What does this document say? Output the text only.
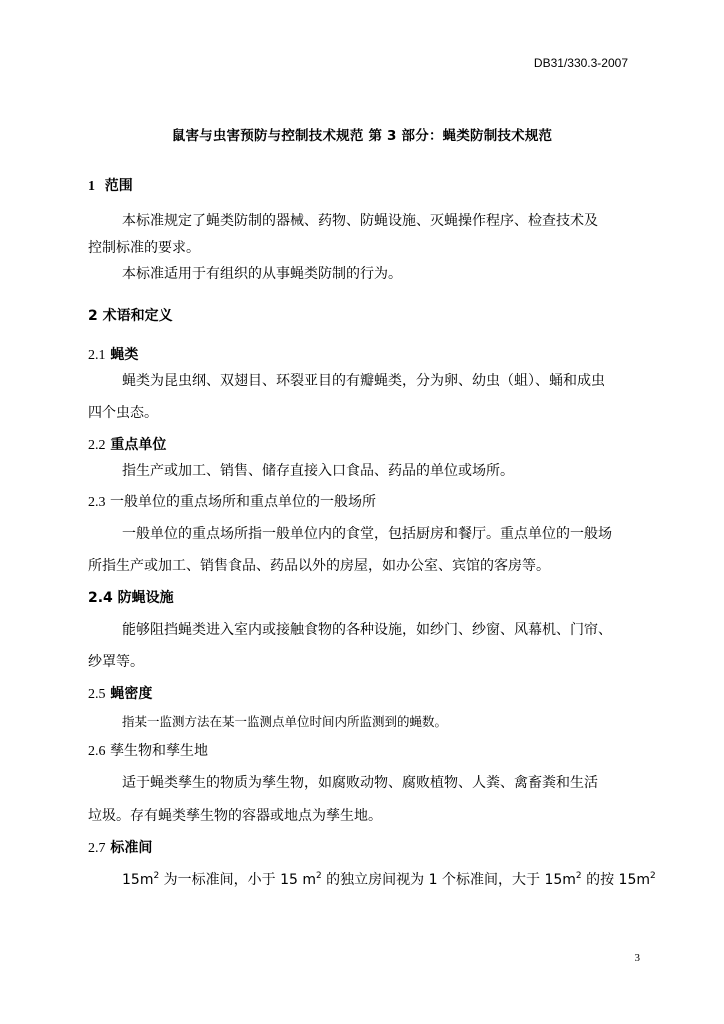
DB31/330.3-2007
鼠害与虫害预防与控制技术规范 第 3 部分：蝇类防制技术规范
1 范围
本标准规定了蝇类防制的器械、药物、防蝇设施、灭蝇操作程序、检查技术及
控制标准的要求。
本标准适用于有组织的从事蝇类防制的行为。
2 术语和定义
2.1 蝇类
蝇类为昆虫纲、双翅目、环裂亚目的有瓣蝇类，分为卵、幼虫（蛆）、蛹和成虫
四个虫态。
2.2 重点单位
指生产或加工、销售、储存直接入口食品、药品的单位或场所。
2.3 一般单位的重点场所和重点单位的一般场所
一般单位的重点场所指一般单位内的食堂，包括厨房和餐厅。重点单位的一般场
所指生产或加工、销售食品、药品以外的房屋，如办公室、宾馆的客房等。
2.4 防蝇设施
能够阻挡蝇类进入室内或接触食物的各种设施，如纱门、纱窗、风幕机、门帘、
纱罩等。
2.5 蝇密度
指某一监测方法在某一监测点单位时间内所监测到的蝇数。
2.6 孳生物和孳生地
适于蝇类孳生的物质为孳生物，如腐败动物、腐败植物、人粪、禽畜粪和生活
垃圾。存有蝇类孳生物的容器或地点为孳生地。
2.7 标准间
$15m^2$ 为一标准间，小于 15 $m^2$ 的独立房间视为 1 个标准间，大于 $15m^2$ 的按 $15m^2$
3
